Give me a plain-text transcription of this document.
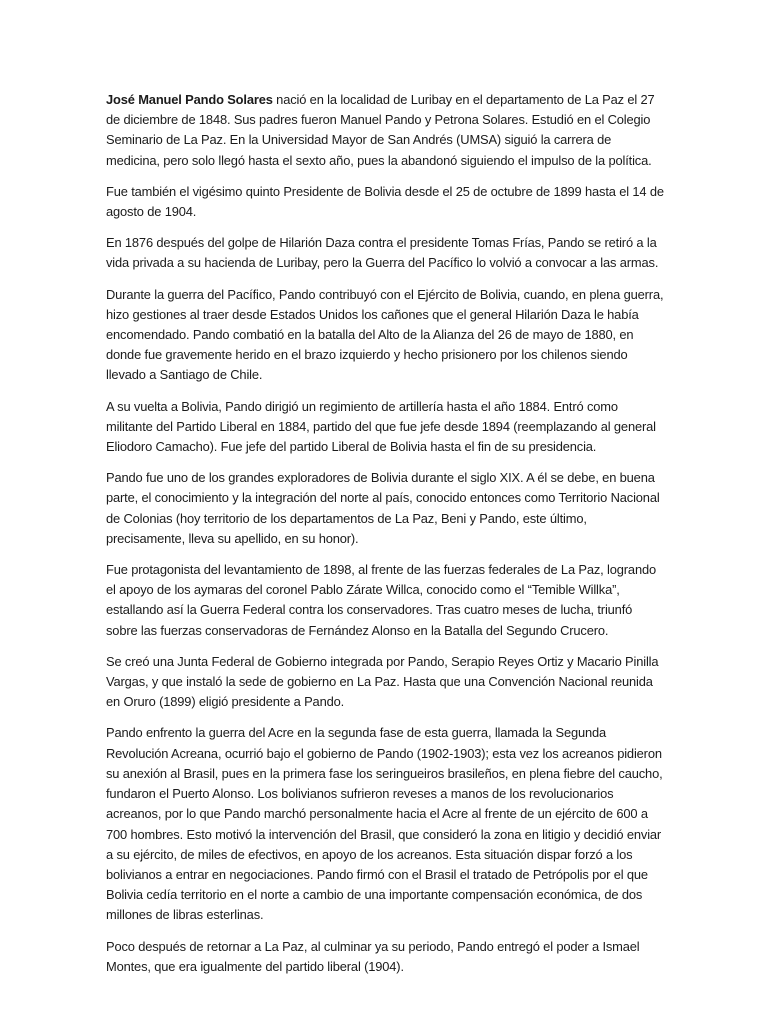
José Manuel Pando Solares nació en la localidad de Luribay en el departamento de La Paz el 27 de diciembre de 1848. Sus padres fueron Manuel Pando y Petrona Solares. Estudió en el Colegio Seminario de La Paz. En la Universidad Mayor de San Andrés (UMSA) siguió la carrera de medicina, pero solo llegó hasta el sexto año, pues la abandonó siguiendo el impulso de la política.

Fue también el vigésimo quinto Presidente de Bolivia desde el 25 de octubre de 1899 hasta el 14 de agosto de 1904.

En 1876 después del golpe de Hilarión Daza contra el presidente Tomas Frías, Pando se retiró a la vida privada a su hacienda de Luribay, pero la Guerra del Pacífico lo volvió a convocar a las armas.

Durante la guerra del Pacífico, Pando contribuyó con el Ejército de Bolivia, cuando, en plena guerra, hizo gestiones al traer desde Estados Unidos los cañones que el general Hilarión Daza le había encomendado. Pando combatió en la batalla del Alto de la Alianza del 26 de mayo de 1880, en donde fue gravemente herido en el brazo izquierdo y hecho prisionero por los chilenos siendo llevado a Santiago de Chile.

A su vuelta a Bolivia, Pando dirigió un regimiento de artillería hasta el año 1884. Entró como militante del Partido Liberal en 1884, partido del que fue jefe desde 1894 (reemplazando al general Eliodoro Camacho). Fue jefe del partido Liberal de Bolivia hasta el fin de su presidencia.

Pando fue uno de los grandes exploradores de Bolivia durante el siglo XIX. A él se debe, en buena parte, el conocimiento y la integración del norte al país, conocido entonces como Territorio Nacional de Colonias (hoy territorio de los departamentos de La Paz, Beni y Pando, este último, precisamente, lleva su apellido, en su honor).

Fue protagonista del levantamiento de 1898, al frente de las fuerzas federales de La Paz, logrando el apoyo de los aymaras del coronel Pablo Zárate Willca, conocido como el “Temible Willka”, estallando así la Guerra Federal contra los conservadores. Tras cuatro meses de lucha, triunfó sobre las fuerzas conservadoras de Fernández Alonso en la Batalla del Segundo Crucero.

Se creó una Junta Federal de Gobierno integrada por Pando, Serapio Reyes Ortiz y Macario Pinilla Vargas, y que instaló la sede de gobierno en La Paz. Hasta que una Convención Nacional reunida en Oruro (1899) eligió presidente a Pando.

Pando enfrento la guerra del Acre en la segunda fase de esta guerra, llamada la Segunda Revolución Acreana, ocurrió bajo el gobierno de Pando (1902-1903); esta vez los acreanos pidieron su anexión al Brasil, pues en la primera fase los seringueiros brasileños, en plena fiebre del caucho, fundaron el Puerto Alonso. Los bolivianos sufrieron reveses a manos de los revolucionarios acreanos, por lo que Pando marchó personalmente hacia el Acre al frente de un ejército de 600 a 700 hombres. Esto motivó la intervención del Brasil, que consideró la zona en litigio y decidió enviar a su ejército, de miles de efectivos, en apoyo de los acreanos. Esta situación dispar forzó a los bolivianos a entrar en negociaciones. Pando firmó con el Brasil el tratado de Petrópolis por el que Bolivia cedía territorio en el norte a cambio de una importante compensación económica, de dos millones de libras esterlinas.

Poco después de retornar a La Paz, al culminar ya su periodo, Pando entregó el poder a Ismael Montes, que era igualmente del partido liberal (1904).
